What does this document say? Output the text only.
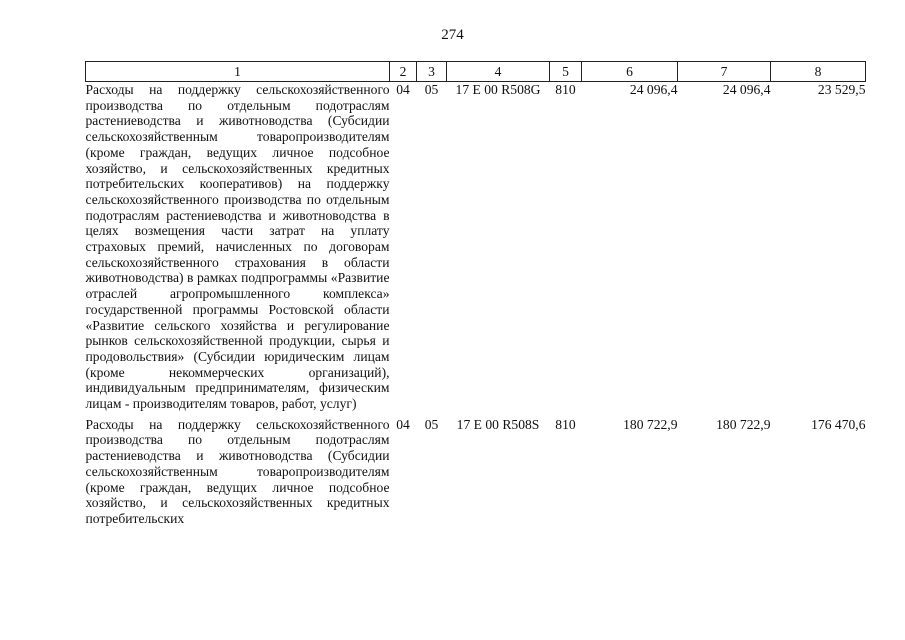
274
1	2	3	4	5	6	7	8
Расходы на поддержку сельскохозяйственного производства по отдельным подотраслям растениеводства и животноводства (Субсидии сельскохозяйственным товаропроизводителям (кроме граждан, ведущих личное подсобное хозяйство, и сельскохозяйственных кредитных потребительских кооперативов) на поддержку сельскохозяйственного производства по отдельным подотраслям растениеводства и животноводства в целях возмещения части затрат на уплату страховых премий, начисленных по договорам сельскохозяйственного страхования в области животноводства) в рамках подпрограммы «Развитие отраслей агропромышленного комплекса» государственной программы Ростовской области «Развитие сельского хозяйства и регулирование рынков сельскохозяйственной продукции, сырья и продовольствия» (Субсидии юридическим лицам (кроме некоммерческих организаций), индивидуальным предпринимателям, физическим лицам - производителям товаров, работ, услуг)	04	05	17 Е 00 R508G	810	24 096,4	24 096,4	23 529,5
Расходы на поддержку сельскохозяйственного производства по отдельным подотраслям растениеводства и животноводства (Субсидии сельскохозяйственным товаропроизводителям (кроме граждан, ведущих личное подсобное хозяйство, и сельскохозяйственных кредитных потребительских	04	05	17 Е 00 R508S	810	180 722,9	180 722,9	176 470,6
